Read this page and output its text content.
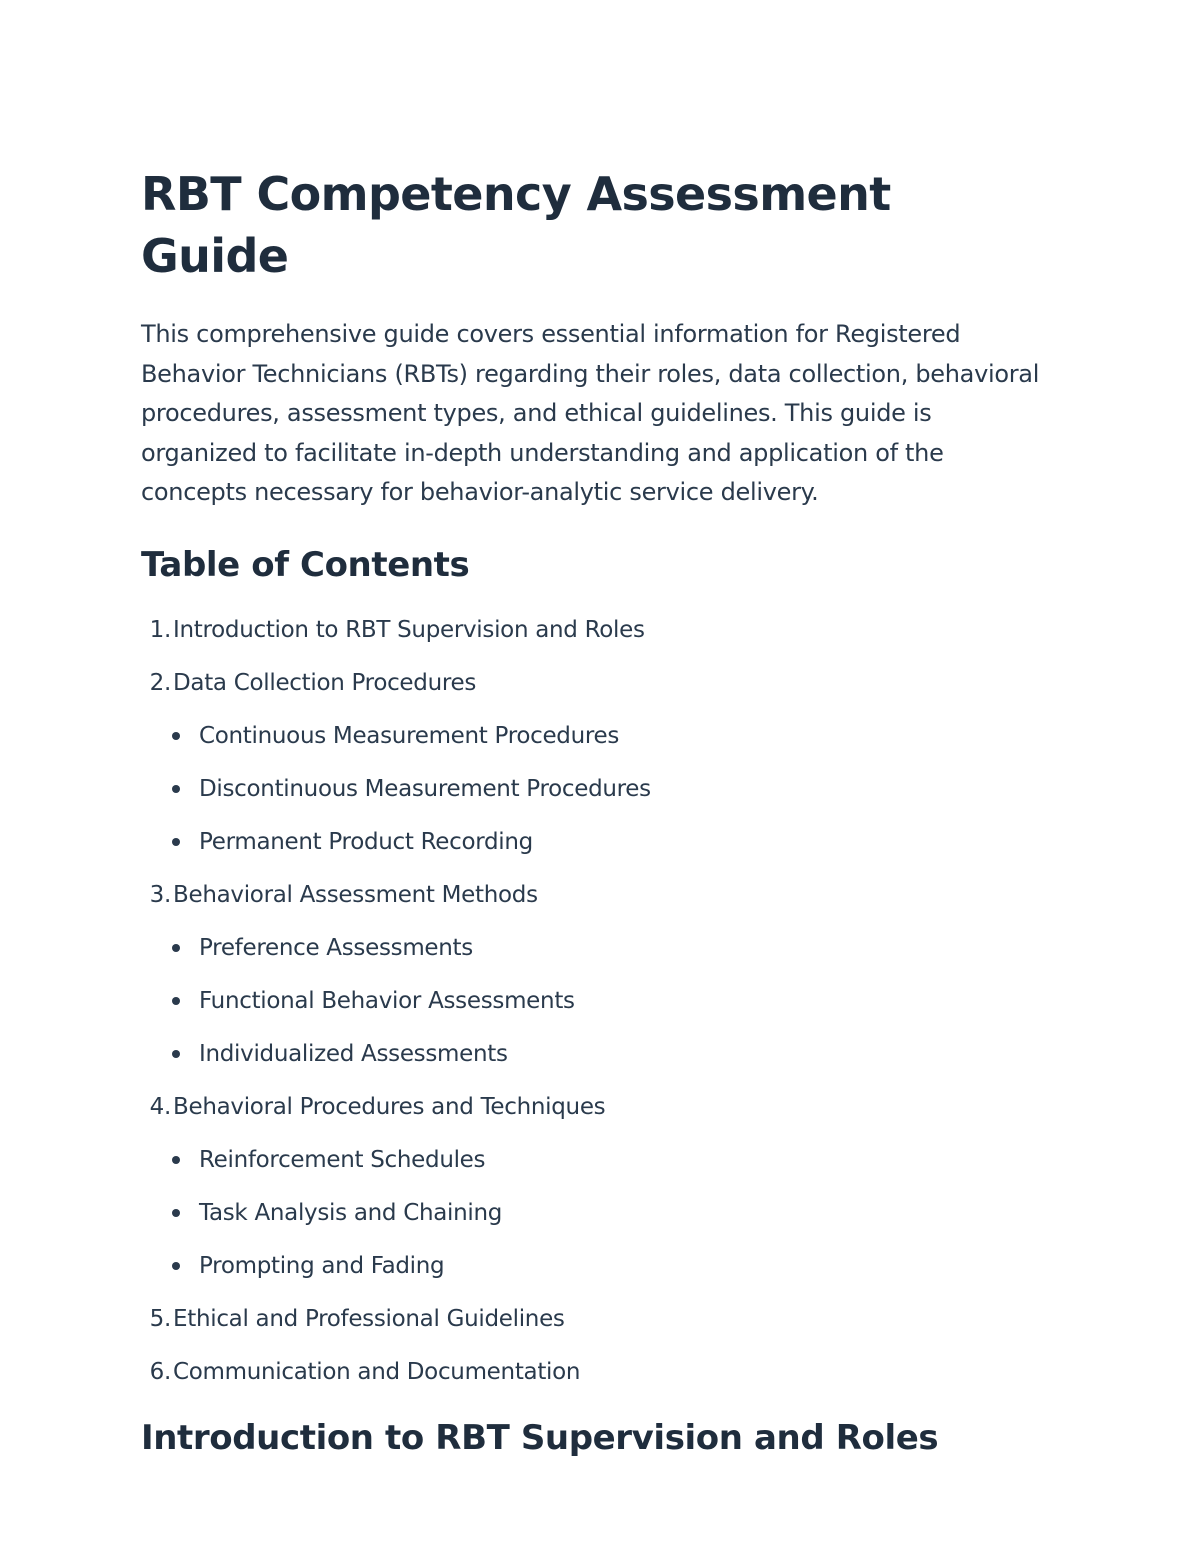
RBT Competency Assessment Guide

This comprehensive guide covers essential information for Registered Behavior Technicians (RBTs) regarding their roles, data collection, behavioral procedures, assessment types, and ethical guidelines. This guide is organized to facilitate in-depth understanding and application of the concepts necessary for behavior-analytic service delivery.

Table of Contents
1.Introduction to RBT Supervision and Roles
2.Data Collection Procedures
Continuous Measurement Procedures
Discontinuous Measurement Procedures
Permanent Product Recording
3.Behavioral Assessment Methods
Preference Assessments
Functional Behavior Assessments
Individualized Assessments
4.Behavioral Procedures and Techniques
Reinforcement Schedules
Task Analysis and Chaining
Prompting and Fading
5.Ethical and Professional Guidelines
6.Communication and Documentation
Introduction to RBT Supervision and Roles
